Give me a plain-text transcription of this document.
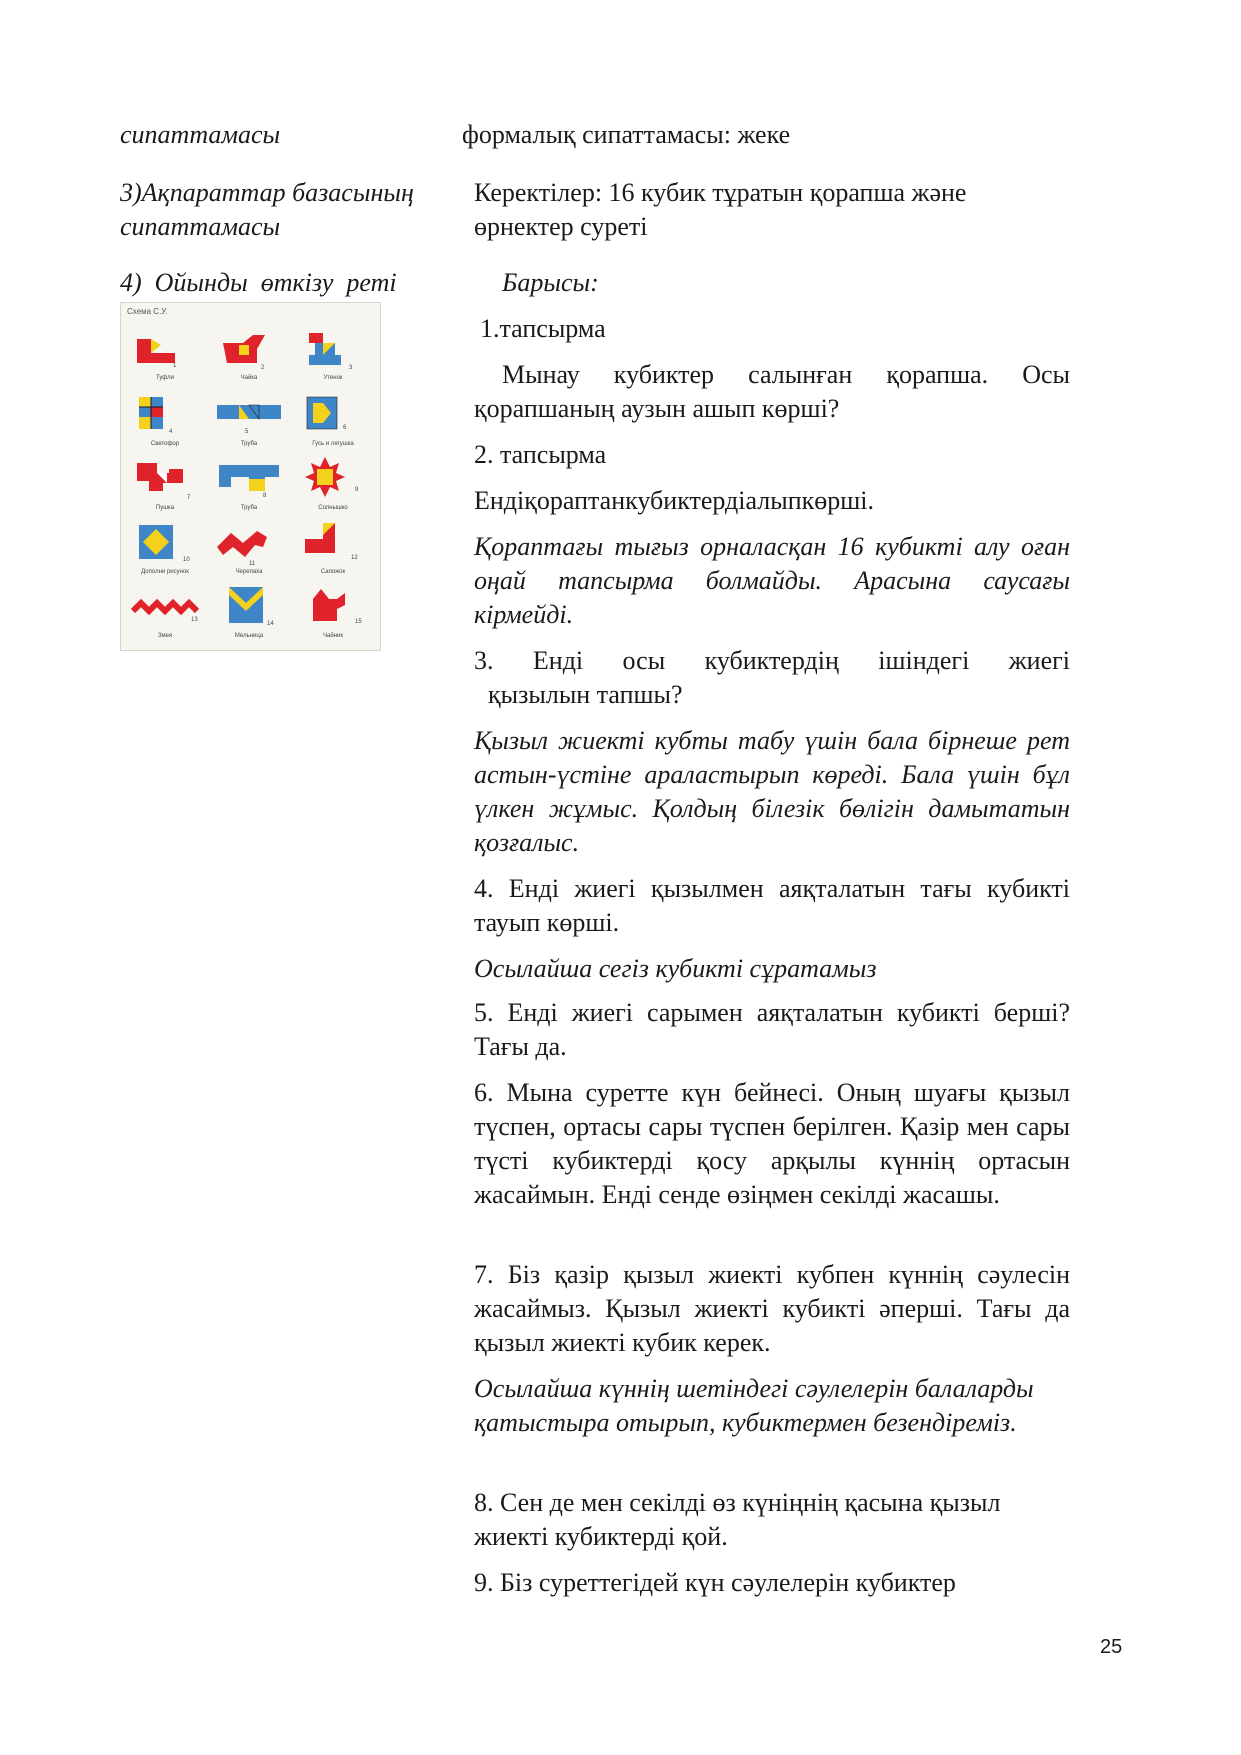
сипаттамасы	формалық сипаттамасы: жеке
3)Ақпараттар базасының
сипаттамасы
Керектілер: 16 кубик тұратын қорапша және
өрнектер суреті
4)  Ойынды  өткізу  реті	Барысы:
Схема С.У.
Туфли
1
Чайка
2
Утенок
3
Светофор
4
Труба
5
Гусь и лягушка
6
Пушка
7
Труба
8
Солнышко
9
Дополни рисунок
10
Черепаха
11
Сапожок
12
Змея
13
Мельница
14
Чайник
15
1.тапсырма
Мынау кубиктер салынған қорапша. Осы қорапшаның аузын ашып көрші?
2. тапсырма
Ендіқораптанкубиктердіалыпкөрші.
Қораптағы тығыз орналасқан 16 кубикті алу оған оңай тапсырма болмайды. Арасына саусағы кірмейді.
3. Енді осы кубиктердің ішіндегі жиегі
қызылын тапшы?
Қызыл жиекті кубты табу үшін бала бірнеше рет астын-үстіне араластырып көреді. Бала үшін бұл үлкен жұмыс. Қолдың білезік бөлігін дамытатын қозғалыс.
4. Енді жиегі қызылмен аяқталатын тағы кубикті тауып көрші.
Осылайша сегіз кубикті сұратамыз
5. Енді жиегі сарымен аяқталатын кубикті берші? Тағы да.
6. Мына суретте күн бейнесі. Оның шуағы қызыл түспен, ортасы сары түспен берілген. Қазір мен сары түсті кубиктерді қосу арқылы күннің ортасын жасаймын. Енді сенде өзіңмен секілді жасашы.
7. Біз қазір қызыл жиекті кубпен күннің сәулесін жасаймыз. Қызыл жиекті кубикті әперші. Тағы да қызыл жиекті кубик керек.
Осылайша күннің шетіндегі сәулелерін балаларды қатыстыра отырып, кубиктермен безендіреміз.
8. Сен де мен секілді өз күніңнің қасына қызыл жиекті кубиктерді қой.
9. Біз суреттегідей күн сәулелерін кубиктер
25
